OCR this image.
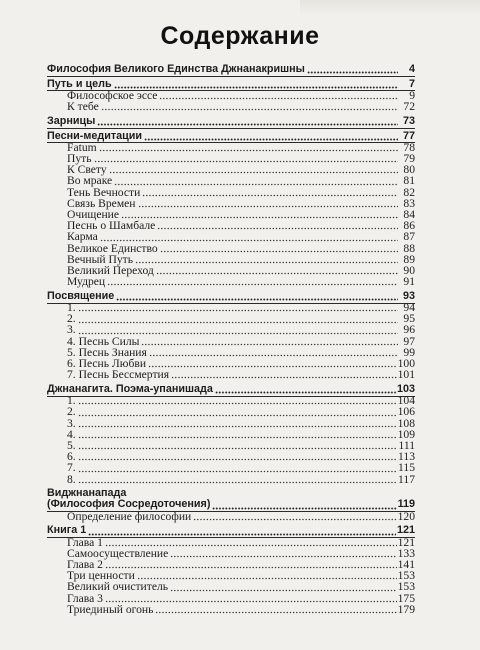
Содержание
Философия Великого Единства Джнанакришны	4
Путь и цель	7
Философское эссе	9
К тебе	72
Зарницы	73
Песни-медитации	77
Fatum	78
Путь	79
К Свету	80
Во мраке	81
Тень Вечности	82
Связь Времен	83
Очищение	84
Песнь о Шамбале	86
Карма	87
Великое Единство	88
Вечный Путь	89
Великий Переход	90
Мудрец	91
Посвящение	93
1.	94
2.	95
3.	96
4. Песнь Силы	97
5. Песнь Знания	99
6. Песнь Любви	100
7. Песнь Бессмертия	101
Джнанагита. Поэма-упанишада	103
1.	104
2.	106
3.	108
4.	109
5.	111
6.	113
7.	115
8.	117
Виджнанапада
(Философия Сосредоточения)	119
Определение философии	120
Книга 1	121
Глава 1	121
Самоосуществление	133
Глава 2	141
Три ценности	153
Великий очиститель	153
Глава 3	175
Триединый огонь	179
